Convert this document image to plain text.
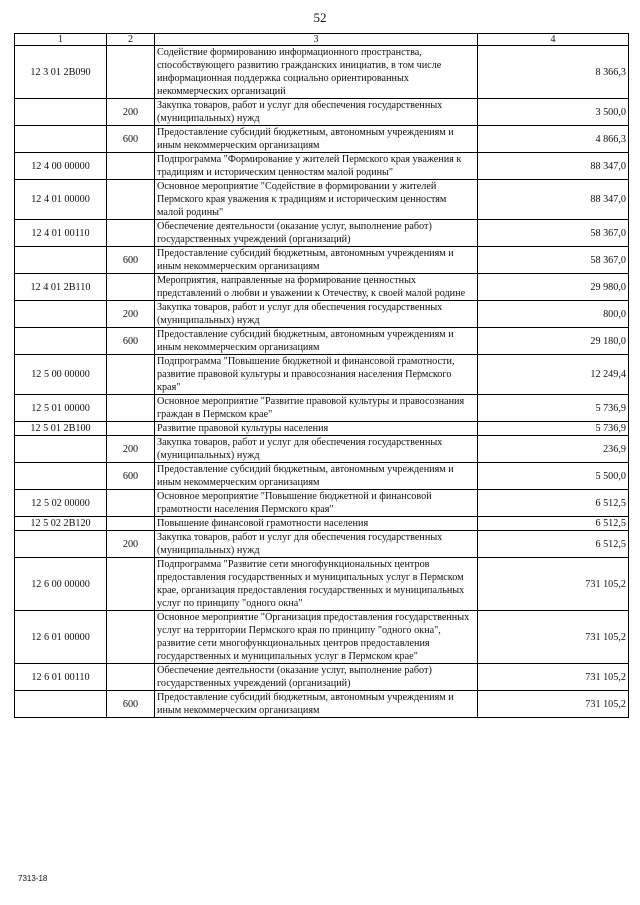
52
1	2	3	4
12 3 01 2В090		Содействие формированию информационного пространства, способствующего развитию гражданских инициатив, в том числе информационная поддержка социально ориентированных некоммерческих организаций	8 366,3
	200	Закупка товаров, работ и услуг для обеспечения государственных (муниципальных) нужд	3 500,0
	600	Предоставление субсидий бюджетным, автономным учреждениям и иным некоммерческим организациям	4 866,3
12 4 00 00000		Подпрограмма "Формирование у жителей Пермского края уважения к традициям и историческим ценностям малой родины"	88 347,0
12 4 01 00000		Основное мероприятие "Содействие в формировании у жителей Пермского края уважения к традициям и историческим ценностям малой родины"	88 347,0
12 4 01 00110		Обеспечение деятельности (оказание услуг, выполнение работ) государственных учреждений (организаций)	58 367,0
	600	Предоставление субсидий бюджетным, автономным учреждениям и иным некоммерческим организациям	58 367,0
12 4 01 2В110		Мероприятия, направленные на формирование ценностных представлений о любви и уважении к Отечеству, к своей малой родине	29 980,0
	200	Закупка товаров, работ и услуг для обеспечения государственных (муниципальных) нужд	800,0
	600	Предоставление субсидий бюджетным, автономным учреждениям и иным некоммерческим организациям	29 180,0
12 5 00 00000		Подпрограмма "Повышение бюджетной и финансовой грамотности, развитие правовой культуры и правосознания населения Пермского края"	12 249,4
12 5 01 00000		Основное мероприятие "Развитие правовой культуры и правосознания граждан в Пермском крае"	5 736,9
12 5 01 2В100		Развитие правовой культуры населения	5 736,9
	200	Закупка товаров, работ и услуг для обеспечения государственных (муниципальных) нужд	236,9
	600	Предоставление субсидий бюджетным, автономным учреждениям и иным некоммерческим организациям	5 500,0
12 5 02 00000		Основное мероприятие "Повышение бюджетной и финансовой грамотности населения Пермского края"	6 512,5
12 5 02 2В120		Повышение финансовой грамотности населения	6 512,5
	200	Закупка товаров, работ и услуг для обеспечения государственных (муниципальных) нужд	6 512,5
12 6 00 00000		Подпрограмма "Развитие сети многофункциональных центров предоставления государственных и муниципальных услуг в Пермском крае, организация предоставления государственных и муниципальных услуг по принципу "одного окна"	731 105,2
12 6 01 00000		Основное мероприятие "Организация предоставления государственных услуг на территории Пермского края по принципу "одного окна", развитие сети многофункциональных центров предоставления государственных и муниципальных услуг в Пермском крае"	731 105,2
12 6 01 00110		Обеспечение деятельности (оказание услуг, выполнение работ) государственных учреждений (организаций)	731 105,2
	600	Предоставление субсидий бюджетным, автономным учреждениям и иным некоммерческим организациям	731 105,2
7313-18
